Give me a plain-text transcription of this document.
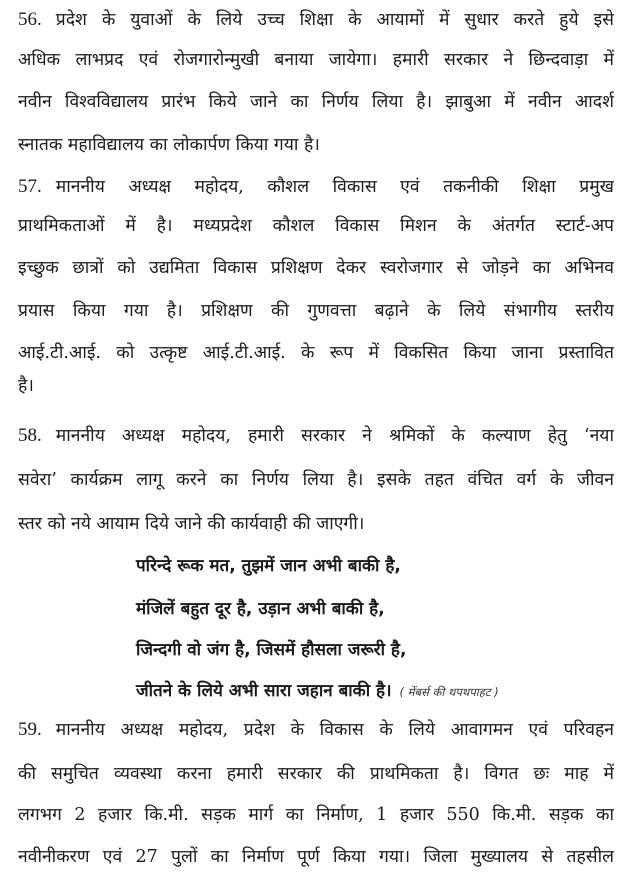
56. प्रदेश के युवाओं के लिये उच्च शिक्षा के आयामों में सुधार करते हुये इसे
अधिक लाभप्रद एवं रोजगारोन्मुखी बनाया जायेगा। हमारी सरकार ने छिन्दवाड़ा में
नवीन विश्वविद्यालय प्रारंभ किये जाने का निर्णय लिया है। झाबुआ में नवीन आदर्श
स्नातक महाविद्यालय का लोकार्पण किया गया है।
57. माननीय अध्यक्ष महोदय, कौशल विकास एवं तकनीकी शिक्षा प्रमुख
प्राथमिकताओं में है। मध्यप्रदेश कौशल विकास मिशन के अंतर्गत स्टार्ट-अप
इच्छुक छात्रों को उद्यमिता विकास प्रशिक्षण देकर स्वरोजगार से जोड़ने का अभिनव
प्रयास किया गया है। प्रशिक्षण की गुणवत्ता बढ़ाने के लिये संभागीय स्तरीय
आई.टी.आई. को उत्कृष्ट आई.टी.आई. के रूप में विकसित किया जाना प्रस्तावित
है।
58. माननीय अध्यक्ष महोदय, हमारी सरकार ने श्रमिकों के कल्याण हेतु ‘नया
सवेरा’ कार्यक्रम लागू करने का निर्णय लिया है। इसके तहत वंचित वर्ग के जीवन
स्तर को नये आयाम दिये जाने की कार्यवाही की जाएगी।
परिन्दे रूक मत, तुझमें जान अभी बाकी है,
मंजिलें बहुत दूर है, उड़ान अभी बाकी है,
जिन्दगी वो जंग है, जिसमें हौसला जरूरी है,
जीतने के लिये अभी सारा जहान बाकी है। ( मेंबर्स की थपथपाहट )
59. माननीय अध्यक्ष महोदय, प्रदेश के विकास के लिये आवागमन एवं परिवहन
की समुचित व्यवस्था करना हमारी सरकार की प्राथमिकता है। विगत छः माह में
लगभग 2 हजार कि.मी. सड़क मार्ग का निर्माण, 1 हजार 550 कि.मी. सड़क का
नवीनीकरण एवं 27 पुलों का निर्माण पूर्ण किया गया। जिला मुख्यालय से तहसील
